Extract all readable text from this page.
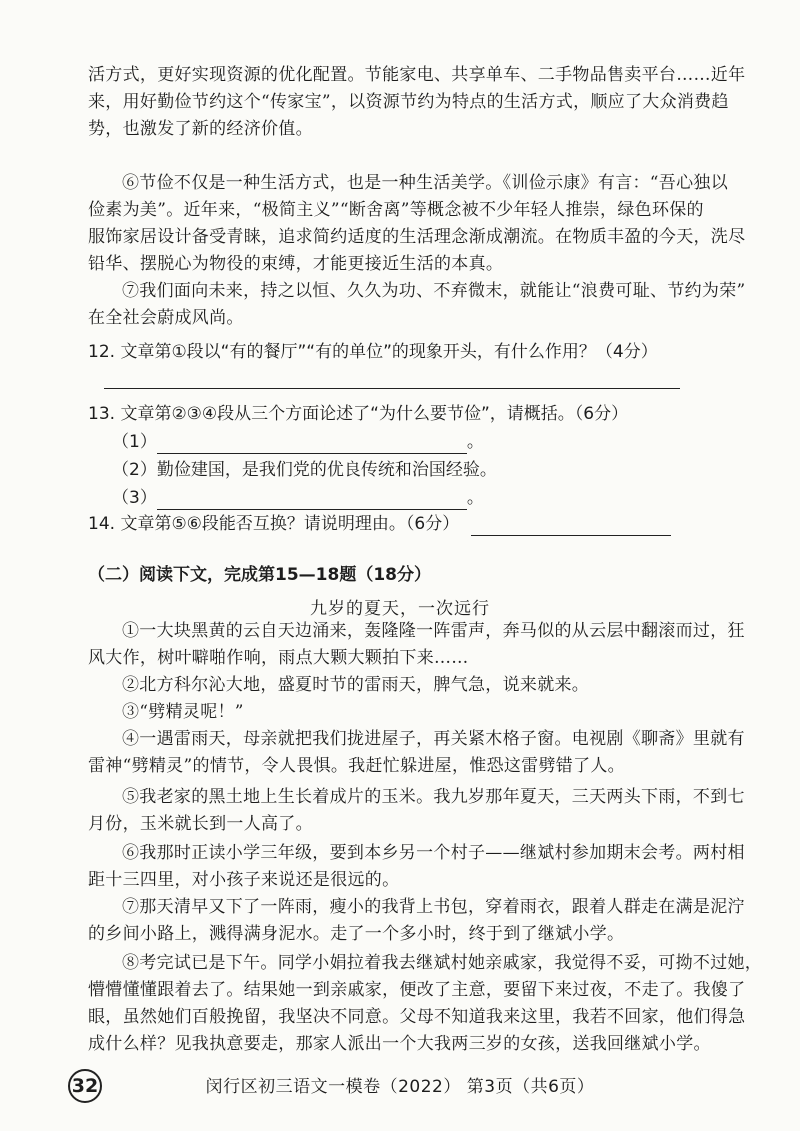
活方式，更好实现资源的优化配置。节能家电、共享单车、二手物品售卖平台……近年
来，用好勤俭节约这个“传家宝”，以资源节约为特点的生活方式，顺应了大众消费趋
势，也激发了新的经济价值。
⑥节俭不仅是一种生活方式，也是一种生活美学。《训俭示康》有言：“吾心独以
俭素为美”。近年来，“极简主义”“断舍离”等概念被不少年轻人推崇，绿色环保的
服饰家居设计备受青睐，追求简约适度的生活理念渐成潮流。在物质丰盈的今天，洗尽
铅华、摆脱心为物役的束缚，才能更接近生活的本真。
⑦我们面向未来，持之以恒、久久为功、不弃微末，就能让“浪费可耻、节约为荣”
在全社会蔚成风尚。
12. 文章第①段以“有的餐厅”“有的单位”的现象开头，有什么作用？（4分）
13. 文章第②③④段从三个方面论述了“为什么要节俭”，请概括。（6分）
（1）	。
（2）勤俭建国，是我们党的优良传统和治国经验。
（3）	。
14. 文章第⑤⑥段能否互换？请说明理由。（6分）
（二）阅读下文，完成第15—18题（18分）
九岁的夏天，一次远行
①一大块黑黄的云自天边涌来，轰隆隆一阵雷声，奔马似的从云层中翻滚而过，狂
风大作，树叶噼啪作响，雨点大颗大颗拍下来……
②北方科尔沁大地，盛夏时节的雷雨天，脾气急，说来就来。
③“劈精灵呢！”
④一遇雷雨天，母亲就把我们拢进屋子，再关紧木格子窗。电视剧《聊斋》里就有
雷神“劈精灵”的情节，令人畏惧。我赶忙躲进屋，惟恐这雷劈错了人。
⑤我老家的黑土地上生长着成片的玉米。我九岁那年夏天，三天两头下雨，不到七
月份，玉米就长到一人高了。
⑥我那时正读小学三年级，要到本乡另一个村子——继斌村参加期末会考。两村相
距十三四里，对小孩子来说还是很远的。
⑦那天清早又下了一阵雨，瘦小的我背上书包，穿着雨衣，跟着人群走在满是泥泞
的乡间小路上，溅得满身泥水。走了一个多小时，终于到了继斌小学。
⑧考完试已是下午。同学小娟拉着我去继斌村她亲戚家，我觉得不妥，可拗不过她，
懵懵懂懂跟着去了。结果她一到亲戚家，便改了主意，要留下来过夜，不走了。我傻了
眼，虽然她们百般挽留，我坚决不同意。父母不知道我来这里，我若不回家，他们得急
成什么样？见我执意要走，那家人派出一个大我两三岁的女孩，送我回继斌小学。
32	闵行区初三语文一模卷（2022） 第3页（共6页）
